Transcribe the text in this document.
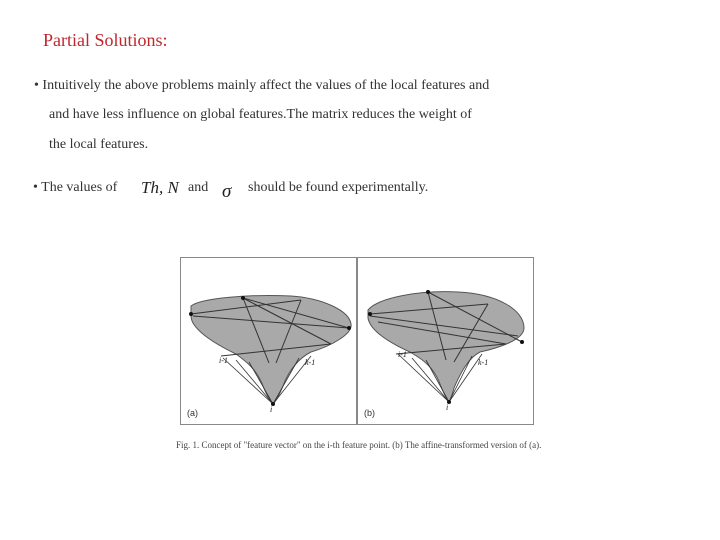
Partial Solutions:
• Intuitively the above problems mainly affect the values of the local features and
and have less influence on global features.The matrix reduces the weight of
the local features.
• The values of Th, N and σ should be found experimentally.
i-1	k-1
i
(a)
i-1
k-1
i
(b)
Fig. 1. Concept of "feature vector" on the i-th feature point. (b) The affine-transformed version of (a).
